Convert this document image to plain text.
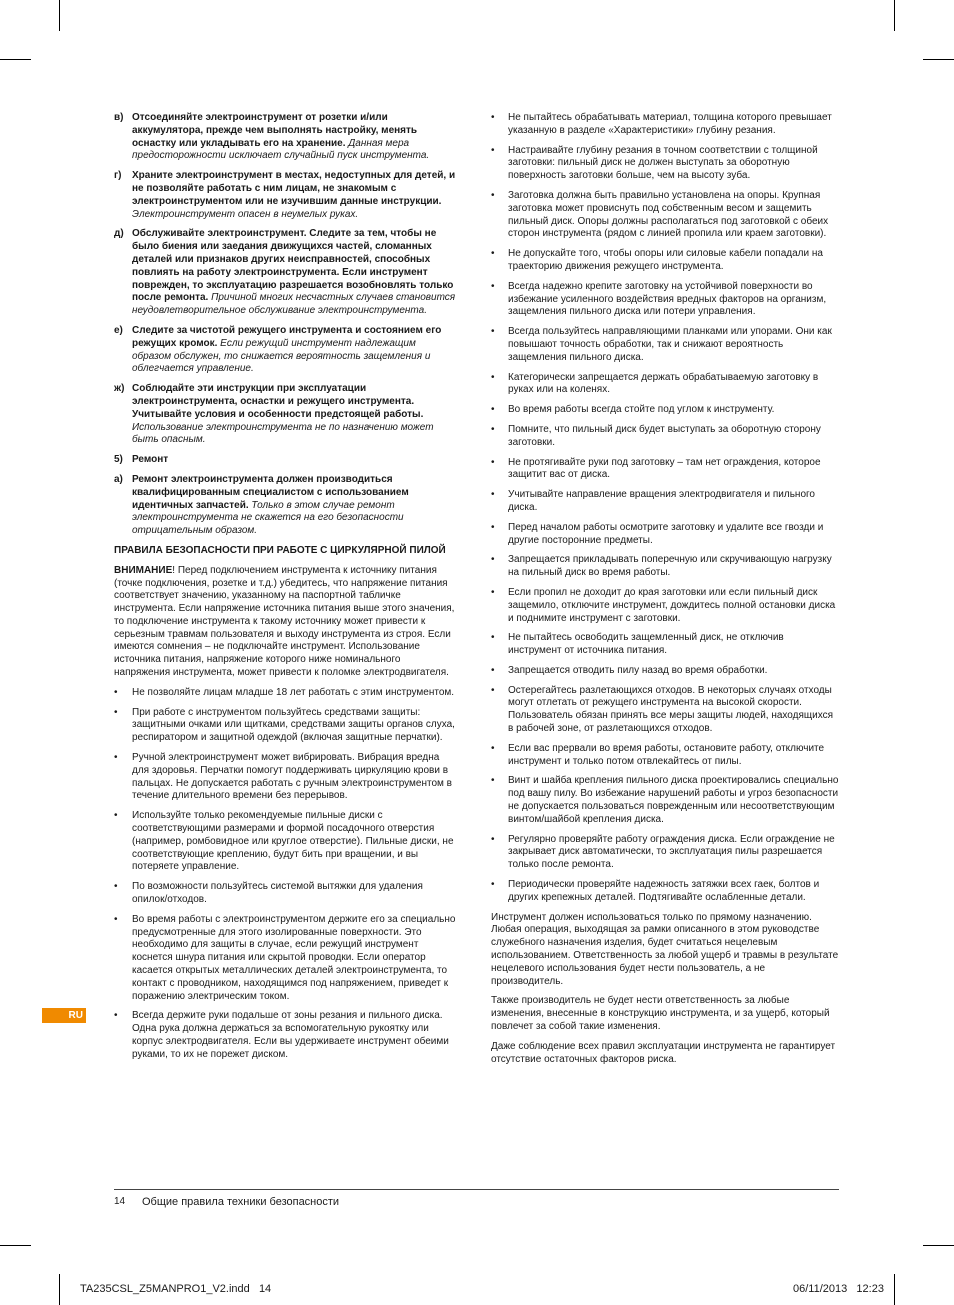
в) Отсоединяйте электроинструмент от розетки и/или аккумулятора, прежде чем выполнять настройку, менять оснастку или укладывать его на хранение. Данная мера предосторожности исключает случайный пуск инструмента.
г)	Храните электроинструмент в местах, недоступных для детей, и не позволяйте работать с ним лицам, не знакомым с электроинструментом или не изучившим данные инструкции. Электроинструмент опасен в неумелых руках.
д) Обслуживайте электроинструмент. Следите за тем, чтобы не было биения или заедания движущихся частей, сломанных деталей или признаков других неисправностей, способных повлиять на работу электроинструмента. Если инструмент поврежден, то эксплуатацию разрешается возобновлять только после ремонта. Причиной многих несчастных случаев становится неудовлетворительное обслуживание электроинструмента.
е) Следите за чистотой режущего инструмента и состоянием его режущих кромок. Если режущий инструмент надлежащим образом обслужен, то снижается вероятность защемления и облегчается управление.
ж) Соблюдайте эти инструкции при эксплуатации электроинструмента, оснастки и режущего инструмента. Учитывайте условия и особенности предстоящей работы. Использование электроинструмента не по назначению может быть опасным.
5) Ремонт
а) Ремонт электроинструмента должен производиться квалифицированным специалистом с использованием идентичных запчастей. Только в этом случае ремонт электроинструмента не скажется на его безопасности отрицательным образом.
ПРАВИЛА БЕЗОПАСНОСТИ ПРИ РАБОТЕ С ЦИРКУЛЯРНОЙ ПИЛОЙ
ВНИМАНИЕ! Перед подключением инструмента к источнику питания (точке подключения, розетке и т.д.) убедитесь, что напряжение питания соответствует значению, указанному на паспортной табличке инструмента. Если напряжение источника питания выше этого значения, то подключение инструмента к такому источнику может привести к серьезным травмам пользователя и выходу инструмента из строя. Если имеются сомнения – не подключайте инструмент. Использование источника питания, напряжение которого ниже номинального напряжения инструмента, может привести к поломке электродвигателя.
•	Не позволяйте лицам младше 18 лет работать с этим инструментом.
•	При работе с инструментом пользуйтесь средствами защиты: защитными очками или щитками, средствами защиты органов слуха, респиратором и защитной одеждой (включая защитные перчатки).
•	Ручной электроинструмент может вибрировать. Вибрация вредна для здоровья. Перчатки помогут поддерживать циркуляцию крови в пальцах. Не допускается работать с ручным электроинструментом в течение длительного времени без перерывов.
•	Используйте только рекомендуемые пильные диски с соответствующими размерами и формой посадочного отверстия (например, ромбовидное или круглое отверстие). Пильные диски, не соответствующие креплению, будут бить при вращении, и вы потеряете управление.
•	По возможности пользуйтесь системой вытяжки для удаления опилок/отходов.
•	Во время работы с электроинструментом держите его за специально предусмотренные для этого изолированные поверхности. Это необходимо для защиты в случае, если режущий инструмент коснется шнура питания или скрытой проводки. Если оператор касается открытых металлических деталей электроинструмента, то контакт с проводником, находящимся под напряжением, приведет к поражению электрическим током.
•	Всегда держите руки подальше от зоны резания и пильного диска. Одна рука должна держаться за вспомогательную рукоятку или корпус электродвигателя. Если вы удерживаете инструмент обеими руками, то их не порежет диском.
•	Не пытайтесь обрабатывать материал, толщина которого превышает указанную в разделе «Характеристики» глубину резания.
•	Настраивайте глубину резания в точном соответствии с толщиной заготовки: пильный диск не должен выступать за оборотную поверхность заготовки больше, чем на высоту зуба.
•	Заготовка должна быть правильно установлена на опоры. Крупная заготовка может провиснуть под собственным весом и защемить пильный диск. Опоры должны располагаться под заготовкой с обеих сторон инструмента (рядом с линией пропила или краем заготовки).
•	Не допускайте того, чтобы опоры или силовые кабели попадали на траекторию движения режущего инструмента.
•	Всегда надежно крепите заготовку на устойчивой поверхности во избежание усиленного воздействия вредных факторов на организм, защемления пильного диска или потери управления.
•	Всегда пользуйтесь направляющими планками или упорами. Они как повышают точность обработки, так и снижают вероятность защемления пильного диска.
•	Категорически запрещается держать обрабатываемую заготовку в руках или на коленях.
•	Во время работы всегда стойте под углом к инструменту.
•	Помните, что пильный диск будет выступать за оборотную сторону заготовки.
•	Не протягивайте руки под заготовку – там нет ограждения, которое защитит вас от диска.
•	Учитывайте направление вращения электродвигателя и пильного диска.
•	Перед началом работы осмотрите заготовку и удалите все гвозди и другие посторонние предметы.
•	Запрещается прикладывать поперечную или скручивающую нагрузку на пильный диск во время работы.
•	Если пропил не доходит до края заготовки или если пильный диск защемило, отключите инструмент, дождитесь полной остановки диска и поднимите инструмент с заготовки.
•	Не пытайтесь освободить защемленный диск, не отключив инструмент от источника питания.
•	Запрещается отводить пилу назад во время обработки.
•	Остерегайтесь разлетающихся отходов. В некоторых случаях отходы могут отлетать от режущего инструмента на высокой скорости. Пользователь обязан принять все меры защиты людей, находящихся в рабочей зоне, от разлетающихся отходов.
•	Если вас прервали во время работы, остановите работу, отключите инструмент и только потом отвлекайтесь от пилы.
•	Винт и шайба крепления пильного диска проектировались специально под вашу пилу. Во избежание нарушений работы и угроз безопасности не допускается пользоваться поврежденным или несоответствующим винтом/шайбой крепления диска.
•	Регулярно проверяйте работу ограждения диска. Если ограждение не закрывает диск автоматически, то эксплуатация пилы разрешается только после ремонта.
•	Периодически проверяйте надежность затяжки всех гаек, болтов и других крепежных деталей. Подтягивайте ослабленные детали.
Инструмент должен использоваться только по прямому назначению. Любая операция, выходящая за рамки описанного в этом руководстве служебного назначения изделия, будет считаться нецелевым использованием. Ответственность за любой ущерб и травмы в результате нецелевого использования будет нести пользователь, а не производитель.
Также производитель не будет нести ответственность за любые изменения, внесенные в конструкцию инструмента, и за ущерб, который повлечет за собой такие изменения.
Даже соблюдение всех правил эксплуатации инструмента не гарантирует отсутствие остаточных факторов риска.
RU
14 Общие правила техники безопасности
TA235CSL_Z5MANPRO1_V2.indd   14	06/11/2013   12:23
